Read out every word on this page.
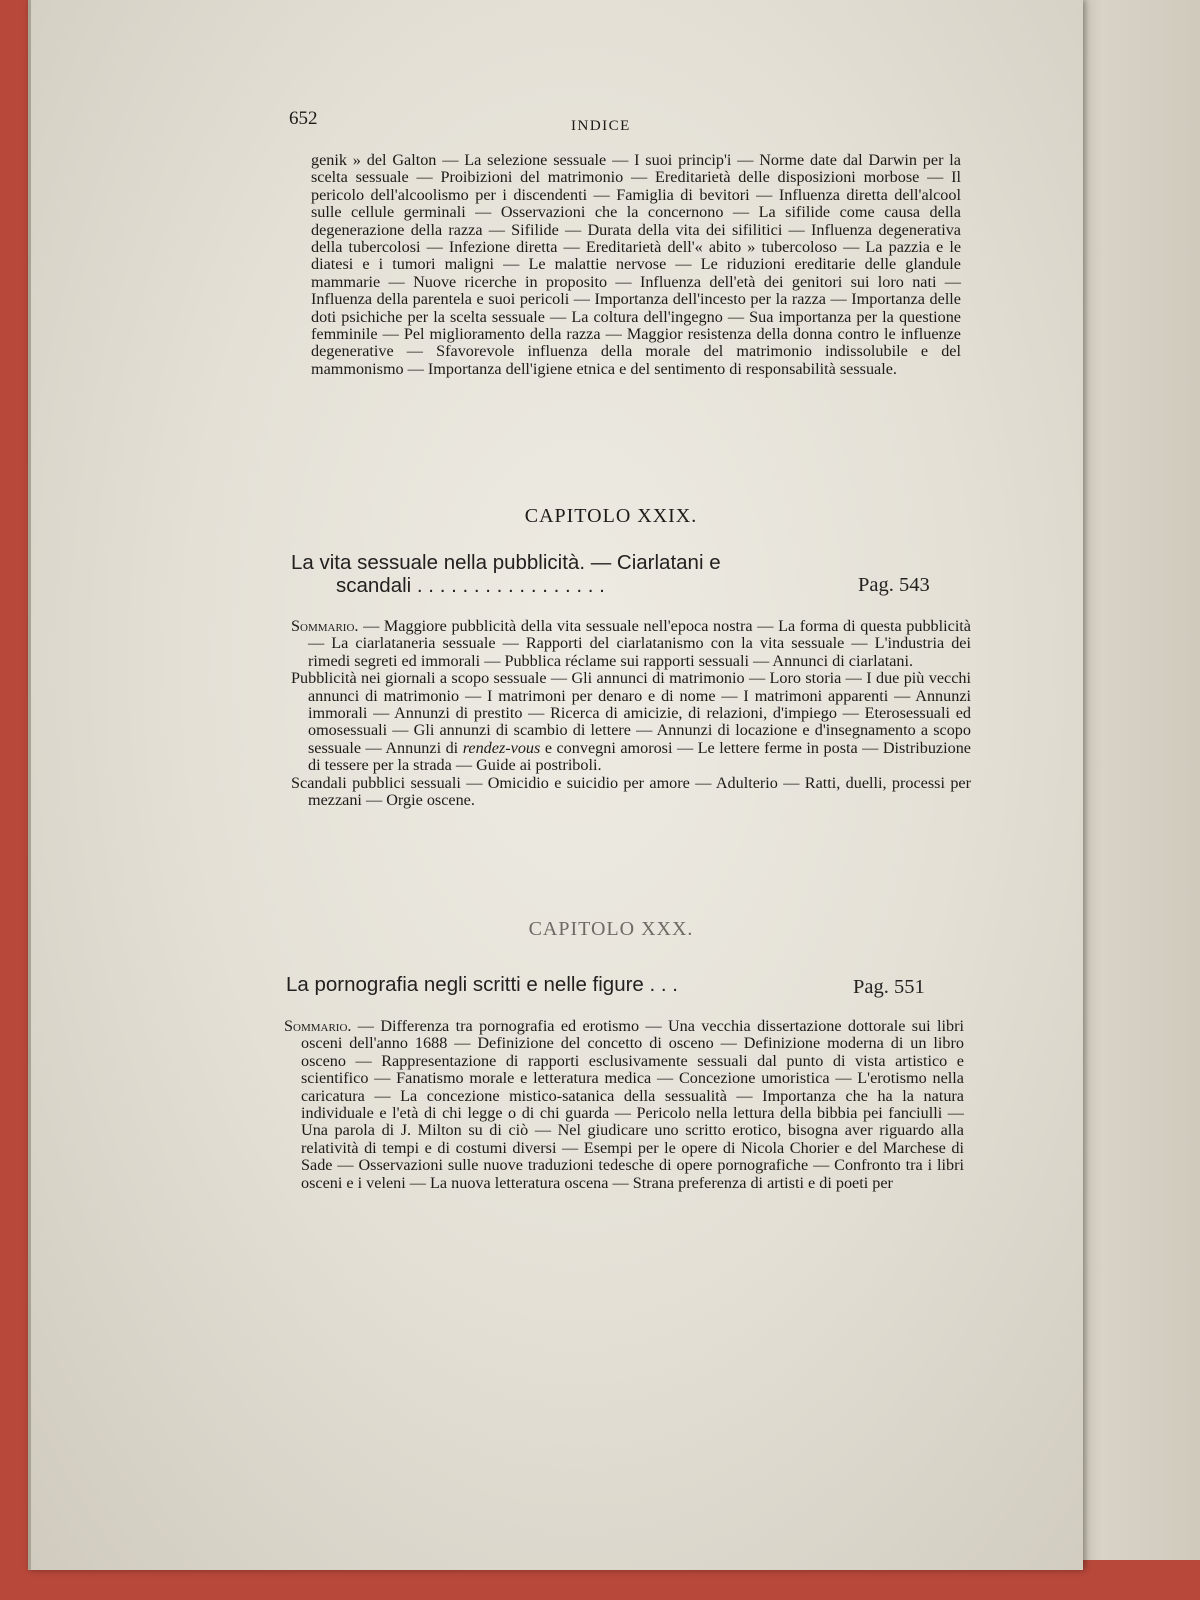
652	INDICE

genik » del Galton — La selezione sessuale — I suoi princip'i — Norme date dal Darwin per la scelta sessuale — Proibizioni del matrimonio — Ereditarietà delle disposizioni morbose — Il pericolo dell'alcoolismo per i discendenti — Famiglia di bevitori — Influenza diretta dell'alcool sulle cellule germinali — Osservazioni che la concernono — La sifilide come causa della degenerazione della razza — Sifilide — Durata della vita dei sifilitici — Influenza degenerativa della tubercolosi — Infezione diretta — Ereditarietà dell'« abito » tubercoloso — La pazzia e le diatesi e i tumori maligni — Le malattie nervose — Le riduzioni ereditarie delle glandule mammarie — Nuove ricerche in proposito — Influenza dell'età dei genitori sui loro nati — Influenza della parentela e suoi pericoli — Importanza dell'incesto per la razza — Importanza delle doti psichiche per la scelta sessuale — La coltura dell'ingegno — Sua importanza per la questione femminile — Pel miglioramento della razza — Maggior resistenza della donna contro le influenze degenerative — Sfavorevole influenza della morale del matrimonio indissolubile e del mammonismo — Importanza dell'igiene etnica e del sentimento di responsabilità sessuale.

CAPITOLO XXIX.
La vita sessuale nella pubblicità. — Ciarlatani e
scandali . . . . . . . . . . . . . . . . .	Pag. 543

Sommario. — Maggiore pubblicità della vita sessuale nell'epoca nostra — La forma di questa pubblicità — La ciarlataneria sessuale — Rapporti del ciarlatanismo con la vita sessuale — L'industria dei rimedi segreti ed immorali — Pubblica réclame sui rapporti sessuali — Annunci di ciarlatani.

Pubblicità nei giornali a scopo sessuale — Gli annunci di matrimonio — Loro storia — I due più vecchi annunci di matrimonio — I matrimoni per denaro e di nome — I matrimoni apparenti — Annunzi immorali — Annunzi di prestito — Ricerca di amicizie, di relazioni, d'impiego — Eterosessuali ed omosessuali — Gli annunzi di scambio di lettere — Annunzi di locazione e d'insegnamento a scopo sessuale — Annunzi di rendez-vous e convegni amorosi — Le lettere ferme in posta — Distribuzione di tessere per la strada — Guide ai postriboli.

Scandali pubblici sessuali — Omicidio e suicidio per amore — Adulterio — Ratti, duelli, processi per mezzani — Orgie oscene.

CAPITOLO XXX.
La pornografia negli scritti e nelle figure . . .	Pag. 551

Sommario. — Differenza tra pornografia ed erotismo — Una vecchia dissertazione dottorale sui libri osceni dell'anno 1688 — Definizione del concetto di osceno — Definizione moderna di un libro osceno — Rappresentazione di rapporti esclusivamente sessuali dal punto di vista artistico e scientifico — Fanatismo morale e letteratura medica — Concezione umoristica — L'erotismo nella caricatura — La concezione mistico-satanica della sessualità — Importanza che ha la natura individuale e l'età di chi legge o di chi guarda — Pericolo nella lettura della bibbia pei fanciulli — Una parola di J. Milton su di ciò — Nel giudicare uno scritto erotico, bisogna aver riguardo alla relatività di tempi e di costumi diversi — Esempi per le opere di Nicola Chorier e del Marchese di Sade — Osservazioni sulle nuove traduzioni tedesche di opere pornografiche — Confronto tra i libri osceni e i veleni — La nuova letteratura oscena — Strana preferenza di artisti e di poeti per
